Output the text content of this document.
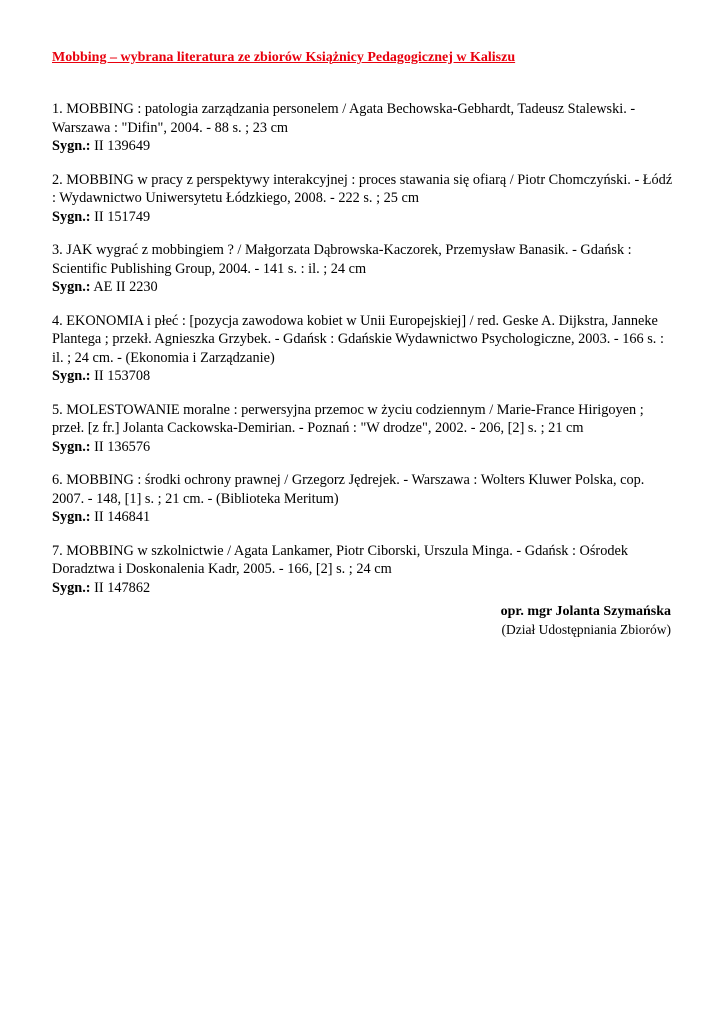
Mobbing – wybrana literatura ze zbiorów Książnicy Pedagogicznej w Kaliszu
1. MOBBING : patologia zarządzania personelem / Agata Bechowska-Gebhardt, Tadeusz Stalewski. - Warszawa : "Difin", 2004. - 88 s. ; 23 cm
Sygn.: II 139649
2. MOBBING w pracy z perspektywy interakcyjnej : proces stawania się ofiarą / Piotr Chomczyński. - Łódź : Wydawnictwo Uniwersytetu Łódzkiego, 2008. - 222 s. ; 25 cm
Sygn.: II 151749
3. JAK wygrać z mobbingiem ? / Małgorzata Dąbrowska-Kaczorek, Przemysław Banasik. - Gdańsk : Scientific Publishing Group, 2004. - 141 s. : il. ; 24 cm
Sygn.: AE II 2230
4. EKONOMIA i płeć : [pozycja zawodowa kobiet w Unii Europejskiej] / red. Geske A. Dijkstra, Janneke Plantega ; przekł. Agnieszka Grzybek. - Gdańsk : Gdańskie Wydawnictwo Psychologiczne, 2003. - 166 s. : il. ; 24 cm. - (Ekonomia i Zarządzanie)
Sygn.: II 153708
5. MOLESTOWANIE moralne : perwersyjna przemoc w życiu codziennym / Marie-France Hirigoyen ; przeł. [z fr.] Jolanta Cackowska-Demirian. - Poznań : "W drodze", 2002. - 206, [2] s. ; 21 cm
Sygn.: II 136576
6. MOBBING : środki ochrony prawnej / Grzegorz Jędrejek. - Warszawa : Wolters Kluwer Polska, cop. 2007. - 148, [1] s. ; 21 cm. - (Biblioteka Meritum)
Sygn.: II 146841
7. MOBBING w szkolnictwie / Agata Lankamer, Piotr Ciborski, Urszula Minga. - Gdańsk : Ośrodek Doradztwa i Doskonalenia Kadr, 2005. - 166, [2] s. ; 24 cm
Sygn.: II 147862
opr. mgr Jolanta Szymańska
(Dział Udostępniania Zbiorów)
